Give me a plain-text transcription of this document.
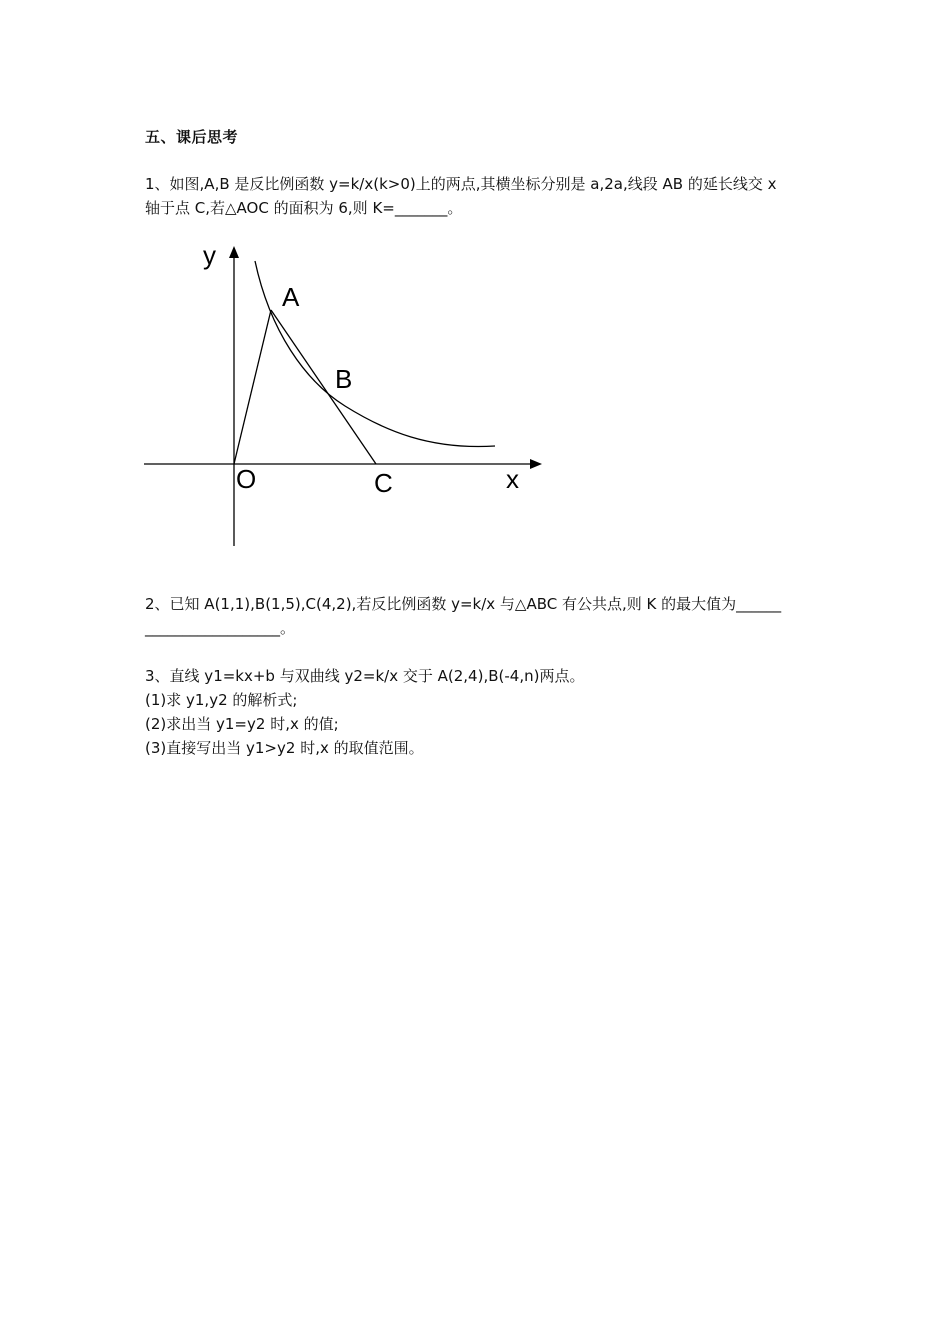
五、课后思考
1、如图,A,B 是反比例函数 y=k/x(k>0)上的两点,其横坐标分别是 a,2a,线段 AB 的延长线交 x
轴于点 C,若△AOC 的面积为 6,则 K=_______。
y
A
B
O	C	x
2、已知 A(1,1),B(1,5),C(4,2),若反比例函数 y=k/x 与△ABC 有公共点,则 K 的最大值为______
__________________。
3、直线 y1=kx+b 与双曲线 y2=k/x 交于 A(2,4),B(-4,n)两点。
(1)求 y1,y2 的解析式;
(2)求出当 y1=y2 时,x 的值;
(3)直接写出当 y1>y2 时,x 的取值范围。
